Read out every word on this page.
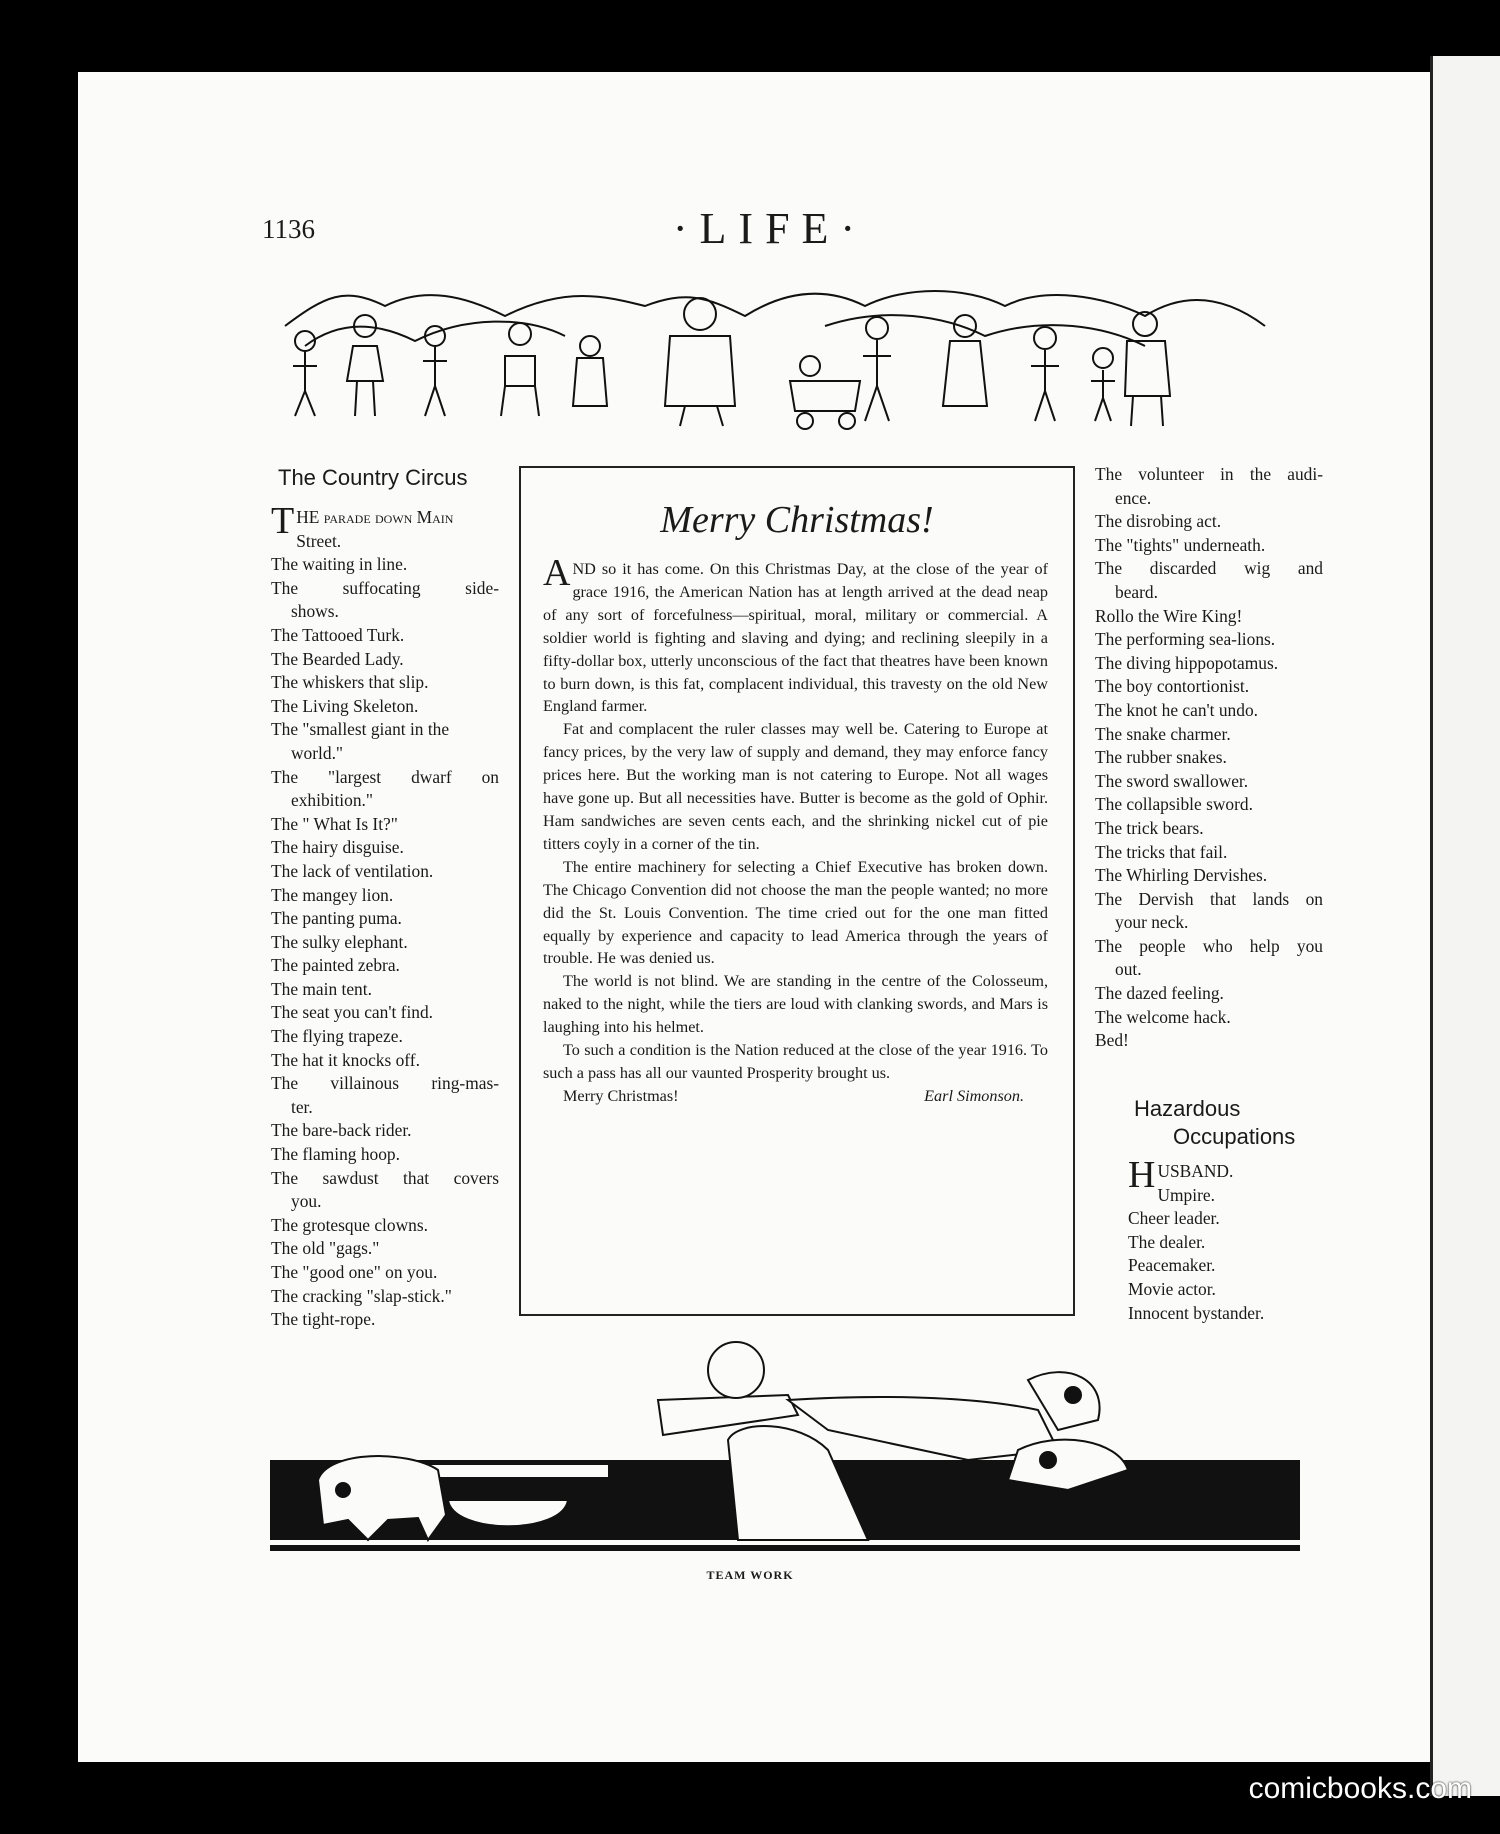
1136	·LIFE·
The Country Circus
THE parade down Main
Street.
The waiting in line.
The suffocating side-
shows.
The Tattooed Turk.
The Bearded Lady.
The whiskers that slip.
The Living Skeleton.
The "smallest giant in the
world."
The "largest dwarf on
exhibition."
The " What Is It?"
The hairy disguise.
The lack of ventilation.
The mangey lion.
The panting puma.
The sulky elephant.
The painted zebra.
The main tent.
The seat you can't find.
The flying trapeze.
The hat it knocks off.
The villainous ring-mas-
ter.
The bare-back rider.
The flaming hoop.
The sawdust that covers
you.
The grotesque clowns.
The old "gags."
The "good one" on you.
The cracking "slap-stick."
The tight-rope.
Merry Christmas!

AND so it has come. On this Christmas Day, at the close of the year of grace 1916, the American Nation has at length arrived at the dead neap of any sort of forcefulness—spiritual, moral, military or commercial. A soldier world is fighting and slaving and dying; and reclining sleepily in a fifty-dollar box, utterly unconscious of the fact that theatres have been known to burn down, is this fat, complacent individual, this travesty on the old New England farmer.

Fat and complacent the ruler classes may well be. Catering to Europe at fancy prices, by the very law of supply and demand, they may enforce fancy prices here. But the working man is not catering to Europe. Not all wages have gone up. But all necessities have. Butter is become as the gold of Ophir. Ham sandwiches are seven cents each, and the shrinking nickel cut of pie titters coyly in a corner of the tin.

The entire machinery for selecting a Chief Executive has broken down. The Chicago Convention did not choose the man the people wanted; no more did the St. Louis Convention. The time cried out for the one man fitted equally by experience and capacity to lead America through the years of trouble. He was denied us.

The world is not blind. We are standing in the centre of the Colosseum, naked to the night, while the tiers are loud with clanking swords, and Mars is laughing into his helmet.

To such a condition is the Nation reduced at the close of the year 1916. To such a pass has all our vaunted Prosperity brought us.

Merry Christmas!	Earl Simonson.
The volunteer in the audi-
ence.
The disrobing act.
The "tights" underneath.
The discarded wig and
beard.
Rollo the Wire King!
The performing sea-lions.
The diving hippopotamus.
The boy contortionist.
The knot he can't undo.
The snake charmer.
The rubber snakes.
The sword swallower.
The collapsible sword.
The trick bears.
The tricks that fail.
The Whirling Dervishes.
The Dervish that lands on
your neck.
The people who help you
out.
The dazed feeling.
The welcome hack.
Bed!
Hazardous
Occupations
HUSBAND.
Umpire.
Cheer leader.
The dealer.
Peacemaker.
Movie actor.
Innocent bystander.
TEAM WORK
comicbooks.com
